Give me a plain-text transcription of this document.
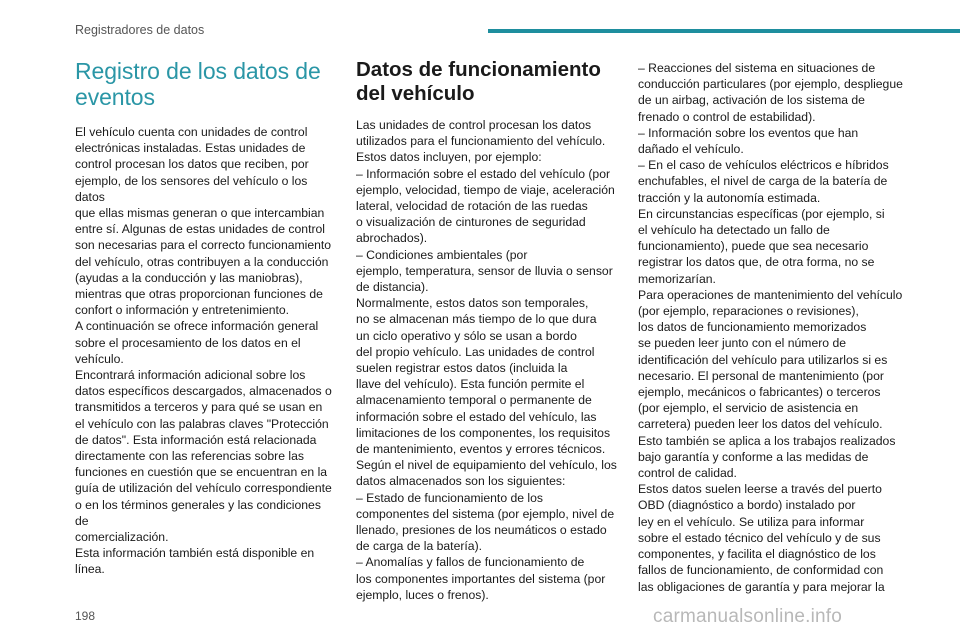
Registradores de datos
Registro de los datos de eventos

El vehículo cuenta con unidades de control
electrónicas instaladas. Estas unidades de
control procesan los datos que reciben, por
ejemplo, de los sensores del vehículo o los datos
que ellas mismas generan o que intercambian
entre sí. Algunas de estas unidades de control
son necesarias para el correcto funcionamiento
del vehículo, otras contribuyen a la conducción
(ayudas a la conducción y las maniobras),
mientras que otras proporcionan funciones de
confort o información y entretenimiento.
A continuación se ofrece información general
sobre el procesamiento de los datos en el
vehículo.
Encontrará información adicional sobre los
datos específicos descargados, almacenados o
transmitidos a terceros y para qué se usan en
el vehículo con las palabras claves "Protección
de datos". Esta información está relacionada
directamente con las referencias sobre las
funciones en cuestión que se encuentran en la
guía de utilización del vehículo correspondiente
o en los términos generales y las condiciones de
comercialización.
Esta información también está disponible en
línea.

Datos de funcionamiento del vehículo

Las unidades de control procesan los datos
utilizados para el funcionamiento del vehículo.
Estos datos incluyen, por ejemplo:
– Información sobre el estado del vehículo (por
ejemplo, velocidad, tiempo de viaje, aceleración
lateral, velocidad de rotación de las ruedas
o visualización de cinturones de seguridad
abrochados).
– Condiciones ambientales (por
ejemplo, temperatura, sensor de lluvia o sensor
de distancia).
Normalmente, estos datos son temporales,
no se almacenan más tiempo de lo que dura
un ciclo operativo y sólo se usan a bordo
del propio vehículo. Las unidades de control
suelen registrar estos datos (incluida la
llave del vehículo). Esta función permite el
almacenamiento temporal o permanente de
información sobre el estado del vehículo, las
limitaciones de los componentes, los requisitos
de mantenimiento, eventos y errores técnicos.
Según el nivel de equipamiento del vehículo, los
datos almacenados son los siguientes:
– Estado de funcionamiento de los
componentes del sistema (por ejemplo, nivel de
llenado, presiones de los neumáticos o estado
de carga de la batería).
– Anomalías y fallos de funcionamiento de
los componentes importantes del sistema (por
ejemplo, luces o frenos).

– Reacciones del sistema en situaciones de
conducción particulares (por ejemplo, despliegue
de un airbag, activación de los sistema de
frenado o control de estabilidad).
– Información sobre los eventos que han
dañado el vehículo.
– En el caso de vehículos eléctricos e híbridos
enchufables, el nivel de carga de la batería de
tracción y la autonomía estimada.
En circunstancias específicas (por ejemplo, si
el vehículo ha detectado un fallo de
funcionamiento), puede que sea necesario
registrar los datos que, de otra forma, no se
memorizarían.
Para operaciones de mantenimiento del vehículo
(por ejemplo, reparaciones o revisiones),
los datos de funcionamiento memorizados
se pueden leer junto con el número de
identificación del vehículo para utilizarlos si es
necesario. El personal de mantenimiento (por
ejemplo, mecánicos o fabricantes) o terceros
(por ejemplo, el servicio de asistencia en
carretera) pueden leer los datos del vehículo.
Esto también se aplica a los trabajos realizados
bajo garantía y conforme a las medidas de
control de calidad.
Estos datos suelen leerse a través del puerto
OBD (diagnóstico a bordo) instalado por
ley en el vehículo. Se utiliza para informar
sobre el estado técnico del vehículo y de sus
componentes, y facilita el diagnóstico de los
fallos de funcionamiento, de conformidad con
las obligaciones de garantía y para mejorar la

198	carmanualsonline.info
